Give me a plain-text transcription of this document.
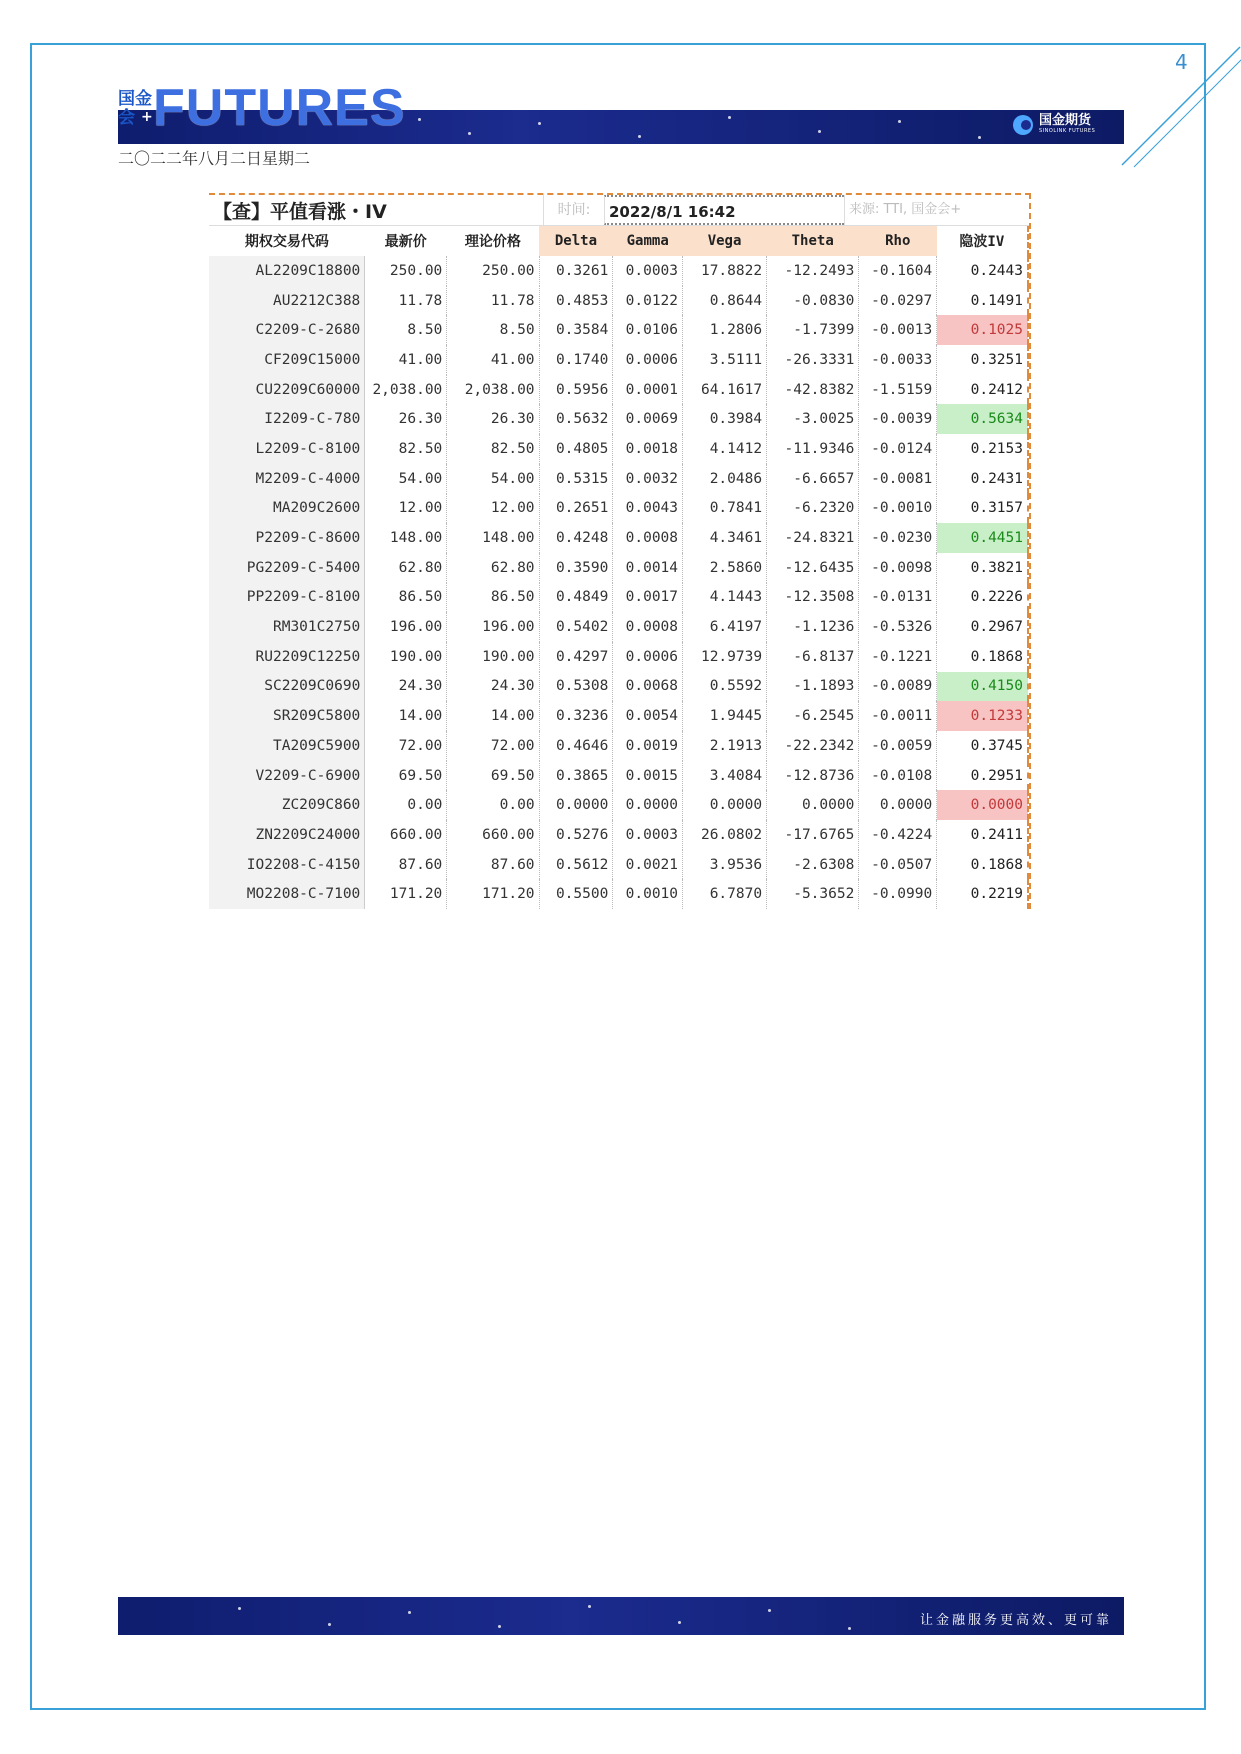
4
国金期货
SINOLINK FUTURES
FUTURES
国金会 +
二〇二二年八月二日星期二
【查】平值看涨・IV	时间:	2022/8/1 16:42	来源: TTI, 国金会+
期权交易代码	最新价	理论价格	Delta	Gamma	Vega	Theta	Rho	隐波IV
AL2209C18800	250.00	250.00	0.3261	0.0003	17.8822	-12.2493	-0.1604	0.2443
AU2212C388	11.78	11.78	0.4853	0.0122	0.8644	-0.0830	-0.0297	0.1491
C2209-C-2680	8.50	8.50	0.3584	0.0106	1.2806	-1.7399	-0.0013	0.1025
CF209C15000	41.00	41.00	0.1740	0.0006	3.5111	-26.3331	-0.0033	0.3251
CU2209C60000	2,038.00	2,038.00	0.5956	0.0001	64.1617	-42.8382	-1.5159	0.2412
I2209-C-780	26.30	26.30	0.5632	0.0069	0.3984	-3.0025	-0.0039	0.5634
L2209-C-8100	82.50	82.50	0.4805	0.0018	4.1412	-11.9346	-0.0124	0.2153
M2209-C-4000	54.00	54.00	0.5315	0.0032	2.0486	-6.6657	-0.0081	0.2431
MA209C2600	12.00	12.00	0.2651	0.0043	0.7841	-6.2320	-0.0010	0.3157
P2209-C-8600	148.00	148.00	0.4248	0.0008	4.3461	-24.8321	-0.0230	0.4451
PG2209-C-5400	62.80	62.80	0.3590	0.0014	2.5860	-12.6435	-0.0098	0.3821
PP2209-C-8100	86.50	86.50	0.4849	0.0017	4.1443	-12.3508	-0.0131	0.2226
RM301C2750	196.00	196.00	0.5402	0.0008	6.4197	-1.1236	-0.5326	0.2967
RU2209C12250	190.00	190.00	0.4297	0.0006	12.9739	-6.8137	-0.1221	0.1868
SC2209C0690	24.30	24.30	0.5308	0.0068	0.5592	-1.1893	-0.0089	0.4150
SR209C5800	14.00	14.00	0.3236	0.0054	1.9445	-6.2545	-0.0011	0.1233
TA209C5900	72.00	72.00	0.4646	0.0019	2.1913	-22.2342	-0.0059	0.3745
V2209-C-6900	69.50	69.50	0.3865	0.0015	3.4084	-12.8736	-0.0108	0.2951
ZC209C860	0.00	0.00	0.0000	0.0000	0.0000	0.0000	0.0000	0.0000
ZN2209C24000	660.00	660.00	0.5276	0.0003	26.0802	-17.6765	-0.4224	0.2411
IO2208-C-4150	87.60	87.60	0.5612	0.0021	3.9536	-2.6308	-0.0507	0.1868
MO2208-C-7100	171.20	171.20	0.5500	0.0010	6.7870	-5.3652	-0.0990	0.2219
让金融服务更高效、更可靠
